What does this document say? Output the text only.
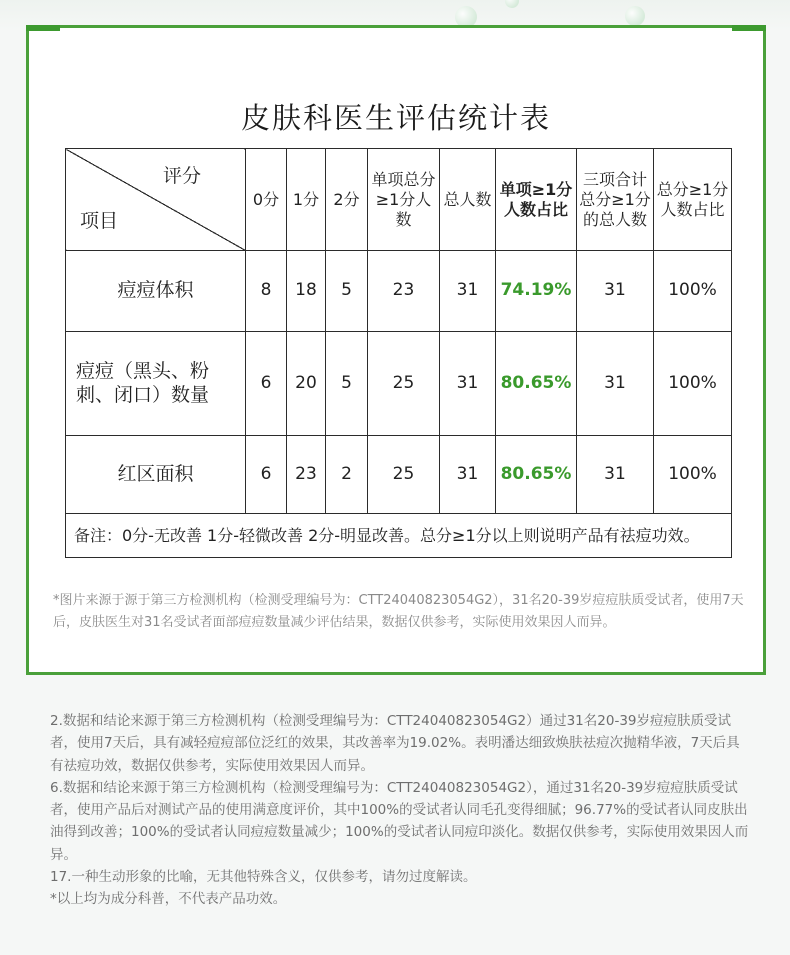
皮肤科医生评估统计表
评分
项目	0分	1分	2分	单项总分≥1分人数	总人数	单项≥1分人数占比	三项合计总分≥1分的总人数	总分≥1分人数占比
痘痘体积	8	18	5	23	31	74.19%	31	100%
痘痘（黑头、粉刺、闭口）数量	6	20	5	25	31	80.65%	31	100%
红区面积	6	23	2	25	31	80.65%	31	100%
备注：0分-无改善 1分-轻微改善 2分-明显改善。总分≥1分以上则说明产品有祛痘功效。								
*图片来源于源于第三方检测机构（检测受理编号为：CTT24040823054G2），31名20-39岁痘痘肤质受试者，使用7天后，皮肤医生对31名受试者面部痘痘数量减少评估结果，数据仅供参考，实际使用效果因人而异。

2.数据和结论来源于第三方检测机构（检测受理编号为：CTT24040823054G2）通过31名20-39岁痘痘肤质受试者，使用7天后，具有减轻痘痘部位泛红的效果，其改善率为19.02%。表明潘达细致焕肤祛痘次抛精华液，7天后具有祛痘功效，数据仅供参考，实际使用效果因人而异。

6.数据和结论来源于第三方检测机构（检测受理编号为：CTT24040823054G2），通过31名20-39岁痘痘肤质受试者，使用产品后对测试产品的使用满意度评价，其中100%的受试者认同毛孔变得细腻；96.77%的受试者认同皮肤出油得到改善；100%的受试者认同痘痘数量减少；100%的受试者认同痘印淡化。数据仅供参考，实际使用效果因人而异。

17.一种生动形象的比喻，无其他特殊含义，仅供参考，请勿过度解读。

*以上均为成分科普，不代表产品功效。
